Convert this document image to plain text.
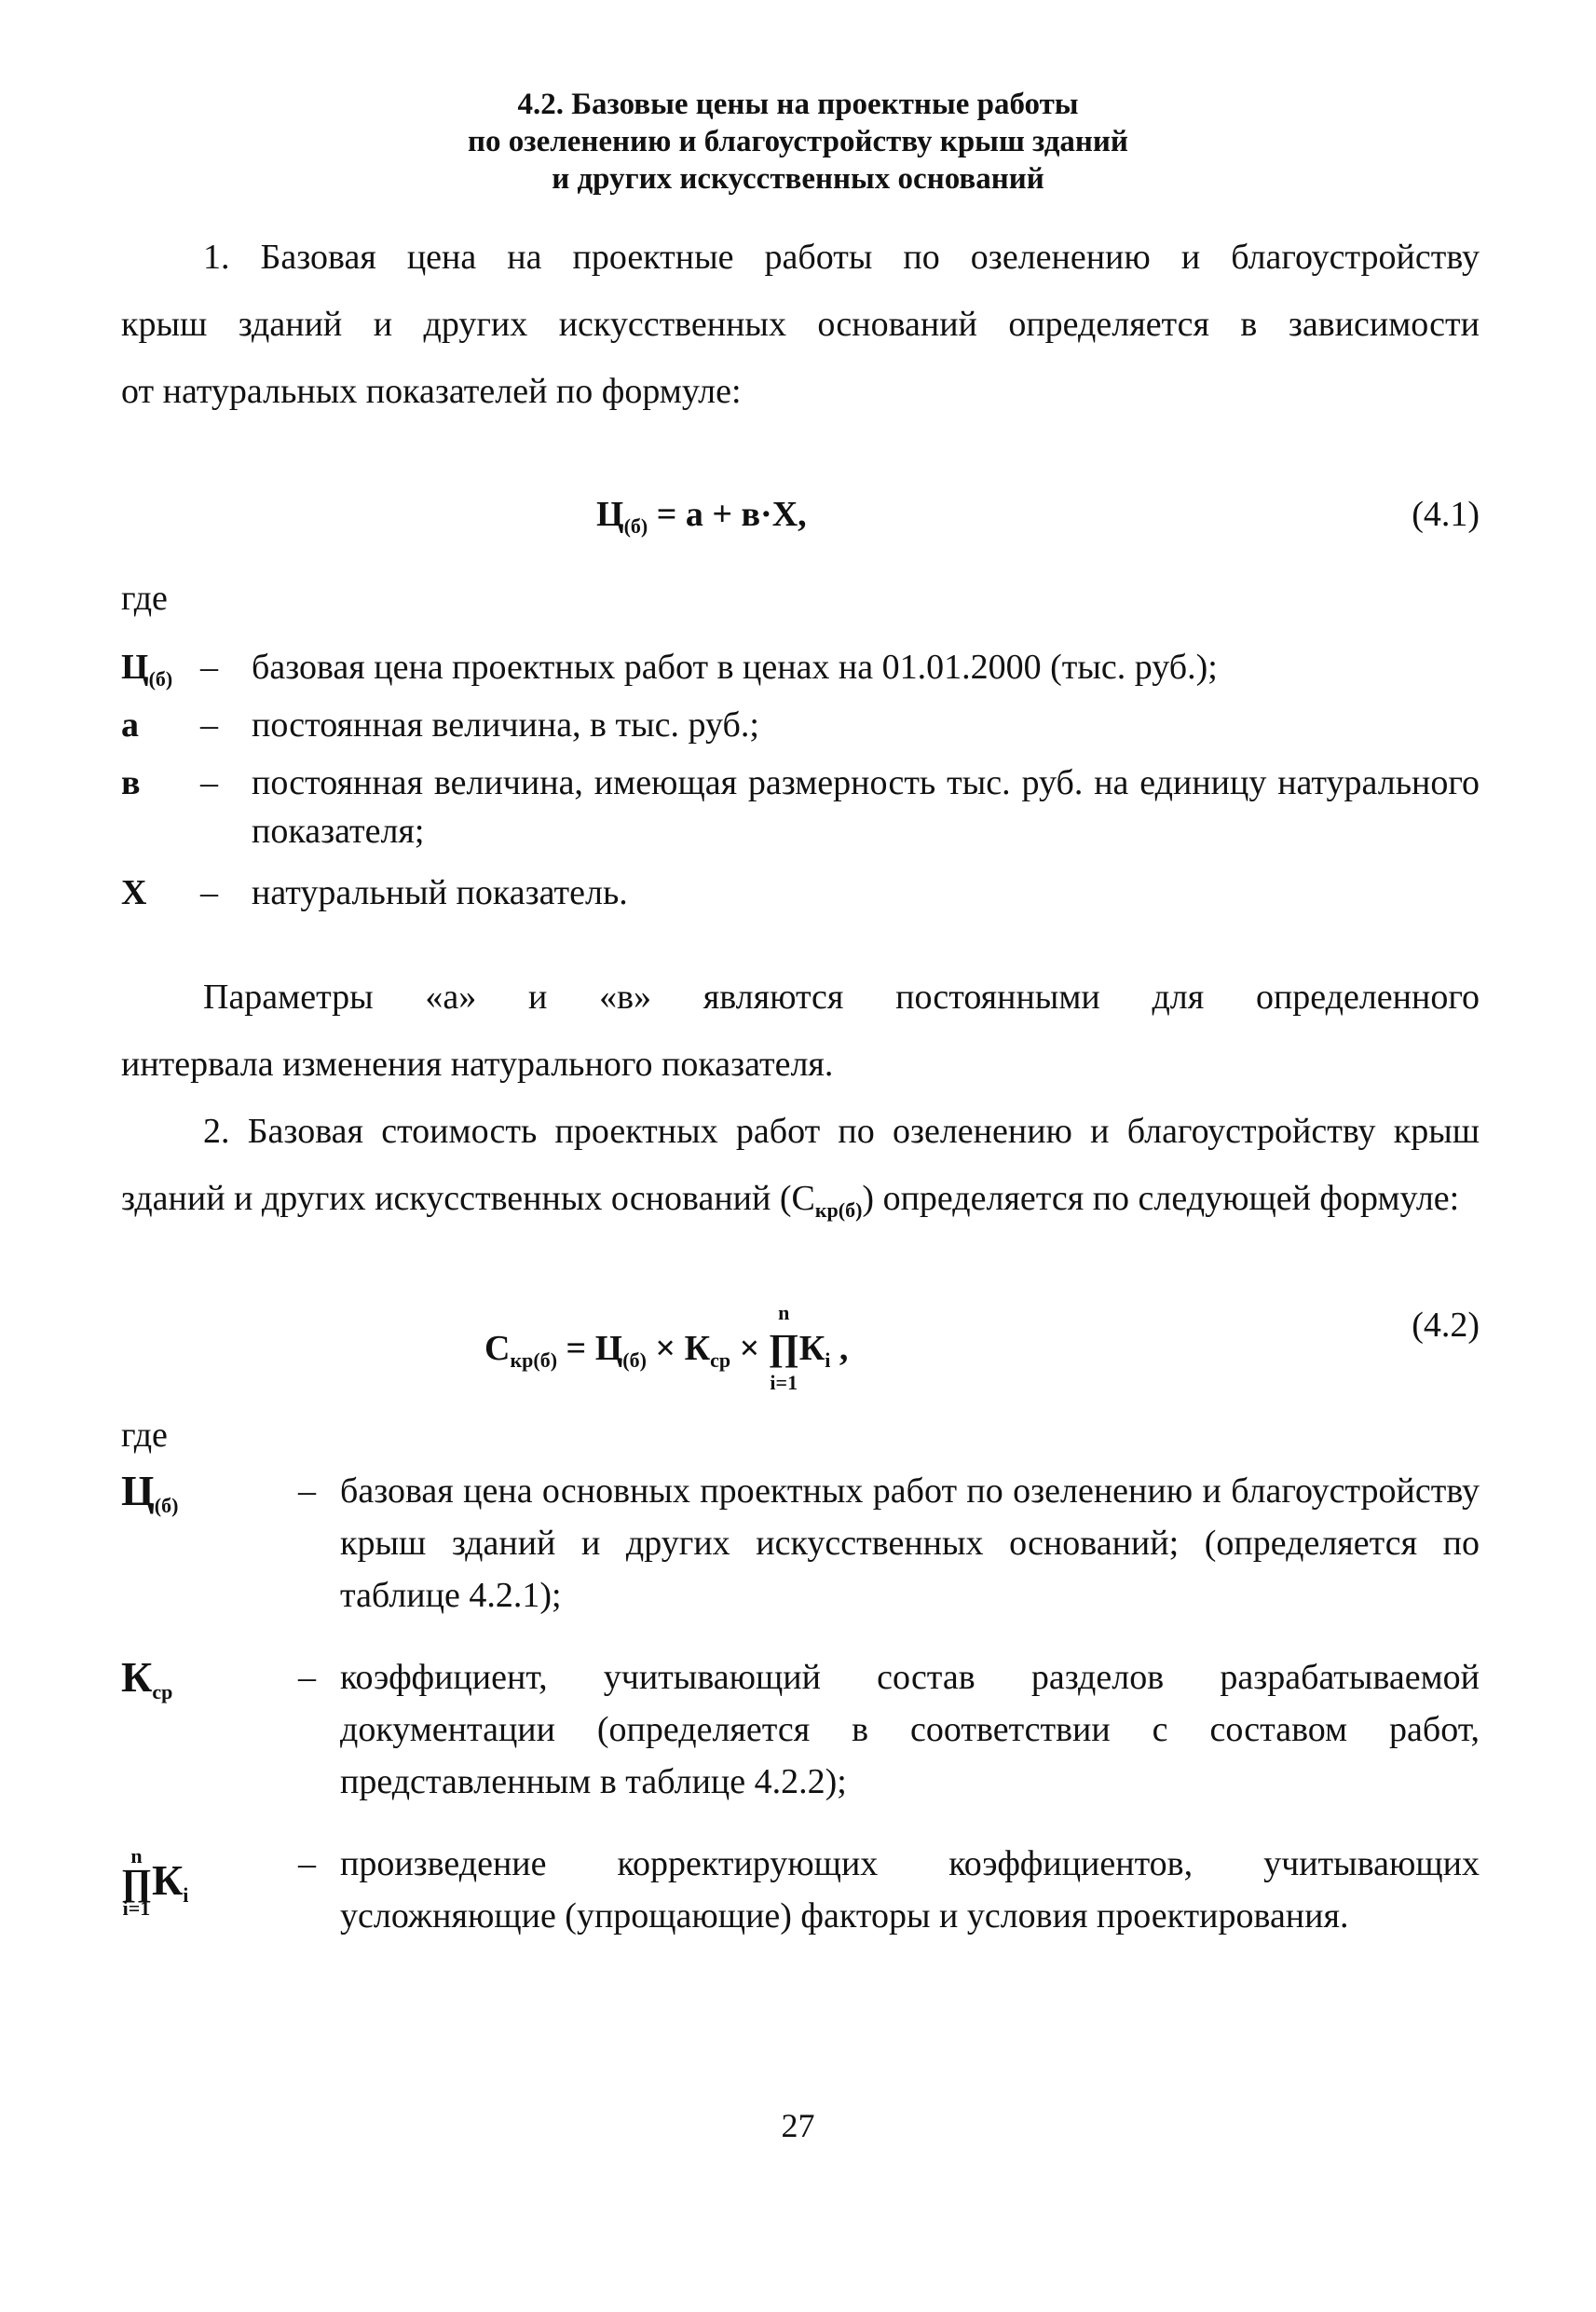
4.2. Базовые цены на проектные работы
по озеленению и благоустройству крыш зданий
и других искусственных оснований
1. Базовая цена на проектные работы по озеленению и благоустройству
крыш зданий и других искусственных оснований определяется в зависимости
от натуральных показателей по формуле:
$Ц_{(б)} = а + в\cdot Х$,	(4.1)
где
$Ц_{(б)}$ – базовая цена проектных работ в ценах на 01.01.2000 (тыс. руб.);
а – постоянная величина, в тыс. руб.;
в – постоянная величина, имеющая размерность тыс. руб. на единицу натурального показателя;
Х – натуральный показатель.
Параметры «а» и «в» являются постоянными для определенного
интервала изменения натурального показателя.
2. Базовая стоимость проектных работ по озеленению и благоустройству крыш зданий и других искусственных оснований $(С_{кр(б)})$ определяется по следующей формуле:
$С_{кр(б)} = Ц_{(б)} \times К_{ср}$ ×
n
∏
i=1
$К_i$ ,
(4.2)
где
$Ц_{(б)}$	– базовая цена основных проектных работ по озеленению и благоустройству крыш зданий и других искусственных оснований; (определяется по таблице 4.2.1);
$К_{ср}$	– коэффициент, учитывающий состав разделов разрабатываемой документации (определяется в соответствии с составом работ, представленным в таблице 4.2.2);
n
∏
i=1
$К_i$
– произведение корректирующих коэффициентов, учитывающих усложняющие (упрощающие) факторы и условия проектирования.
27
